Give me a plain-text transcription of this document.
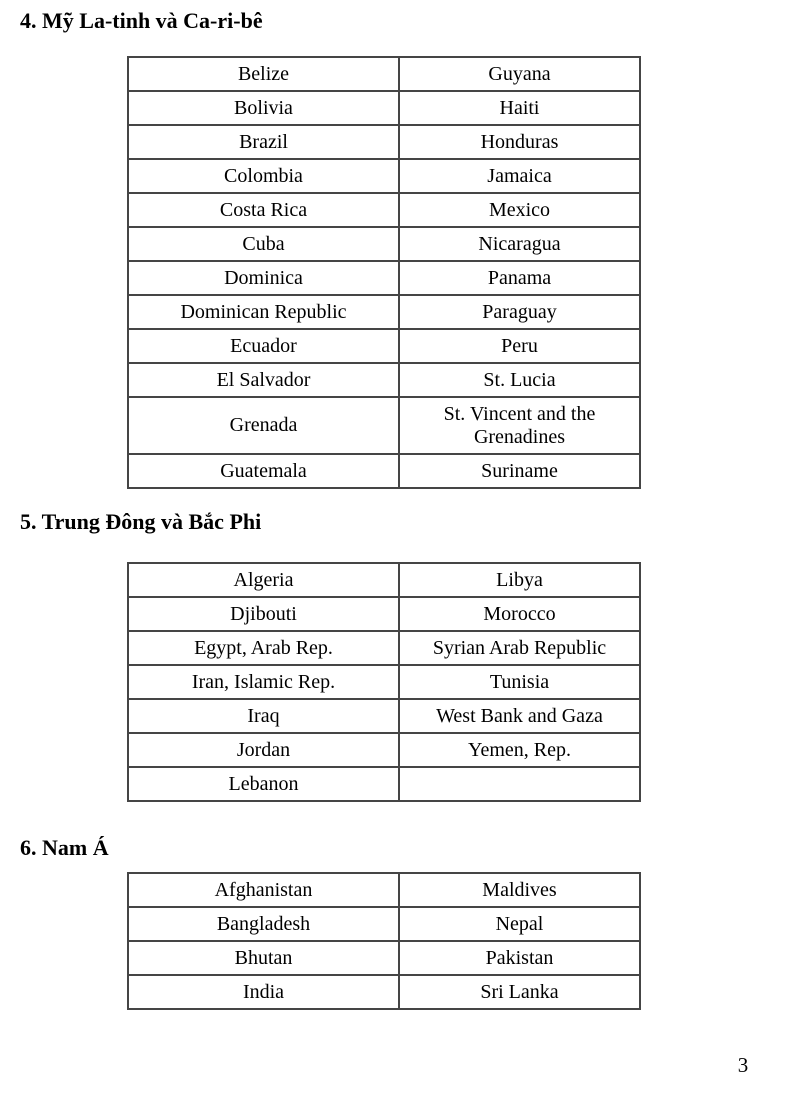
4. Mỹ La-tinh và Ca-ri-bê
Belize	Guyana
Bolivia	Haiti
Brazil	Honduras
Colombia	Jamaica
Costa Rica	Mexico
Cuba	Nicaragua
Dominica	Panama
Dominican Republic	Paraguay
Ecuador	Peru
El Salvador	St. Lucia
Grenada	St. Vincent and the Grenadines
Guatemala	Suriname
5. Trung Đông và Bắc Phi
Algeria	Libya
Djibouti	Morocco
Egypt, Arab Rep.	Syrian Arab Republic
Iran, Islamic Rep.	Tunisia
Iraq	West Bank and Gaza
Jordan	Yemen, Rep.
Lebanon	
6. Nam Á
Afghanistan	Maldives
Bangladesh	Nepal
Bhutan	Pakistan
India	Sri Lanka
3
